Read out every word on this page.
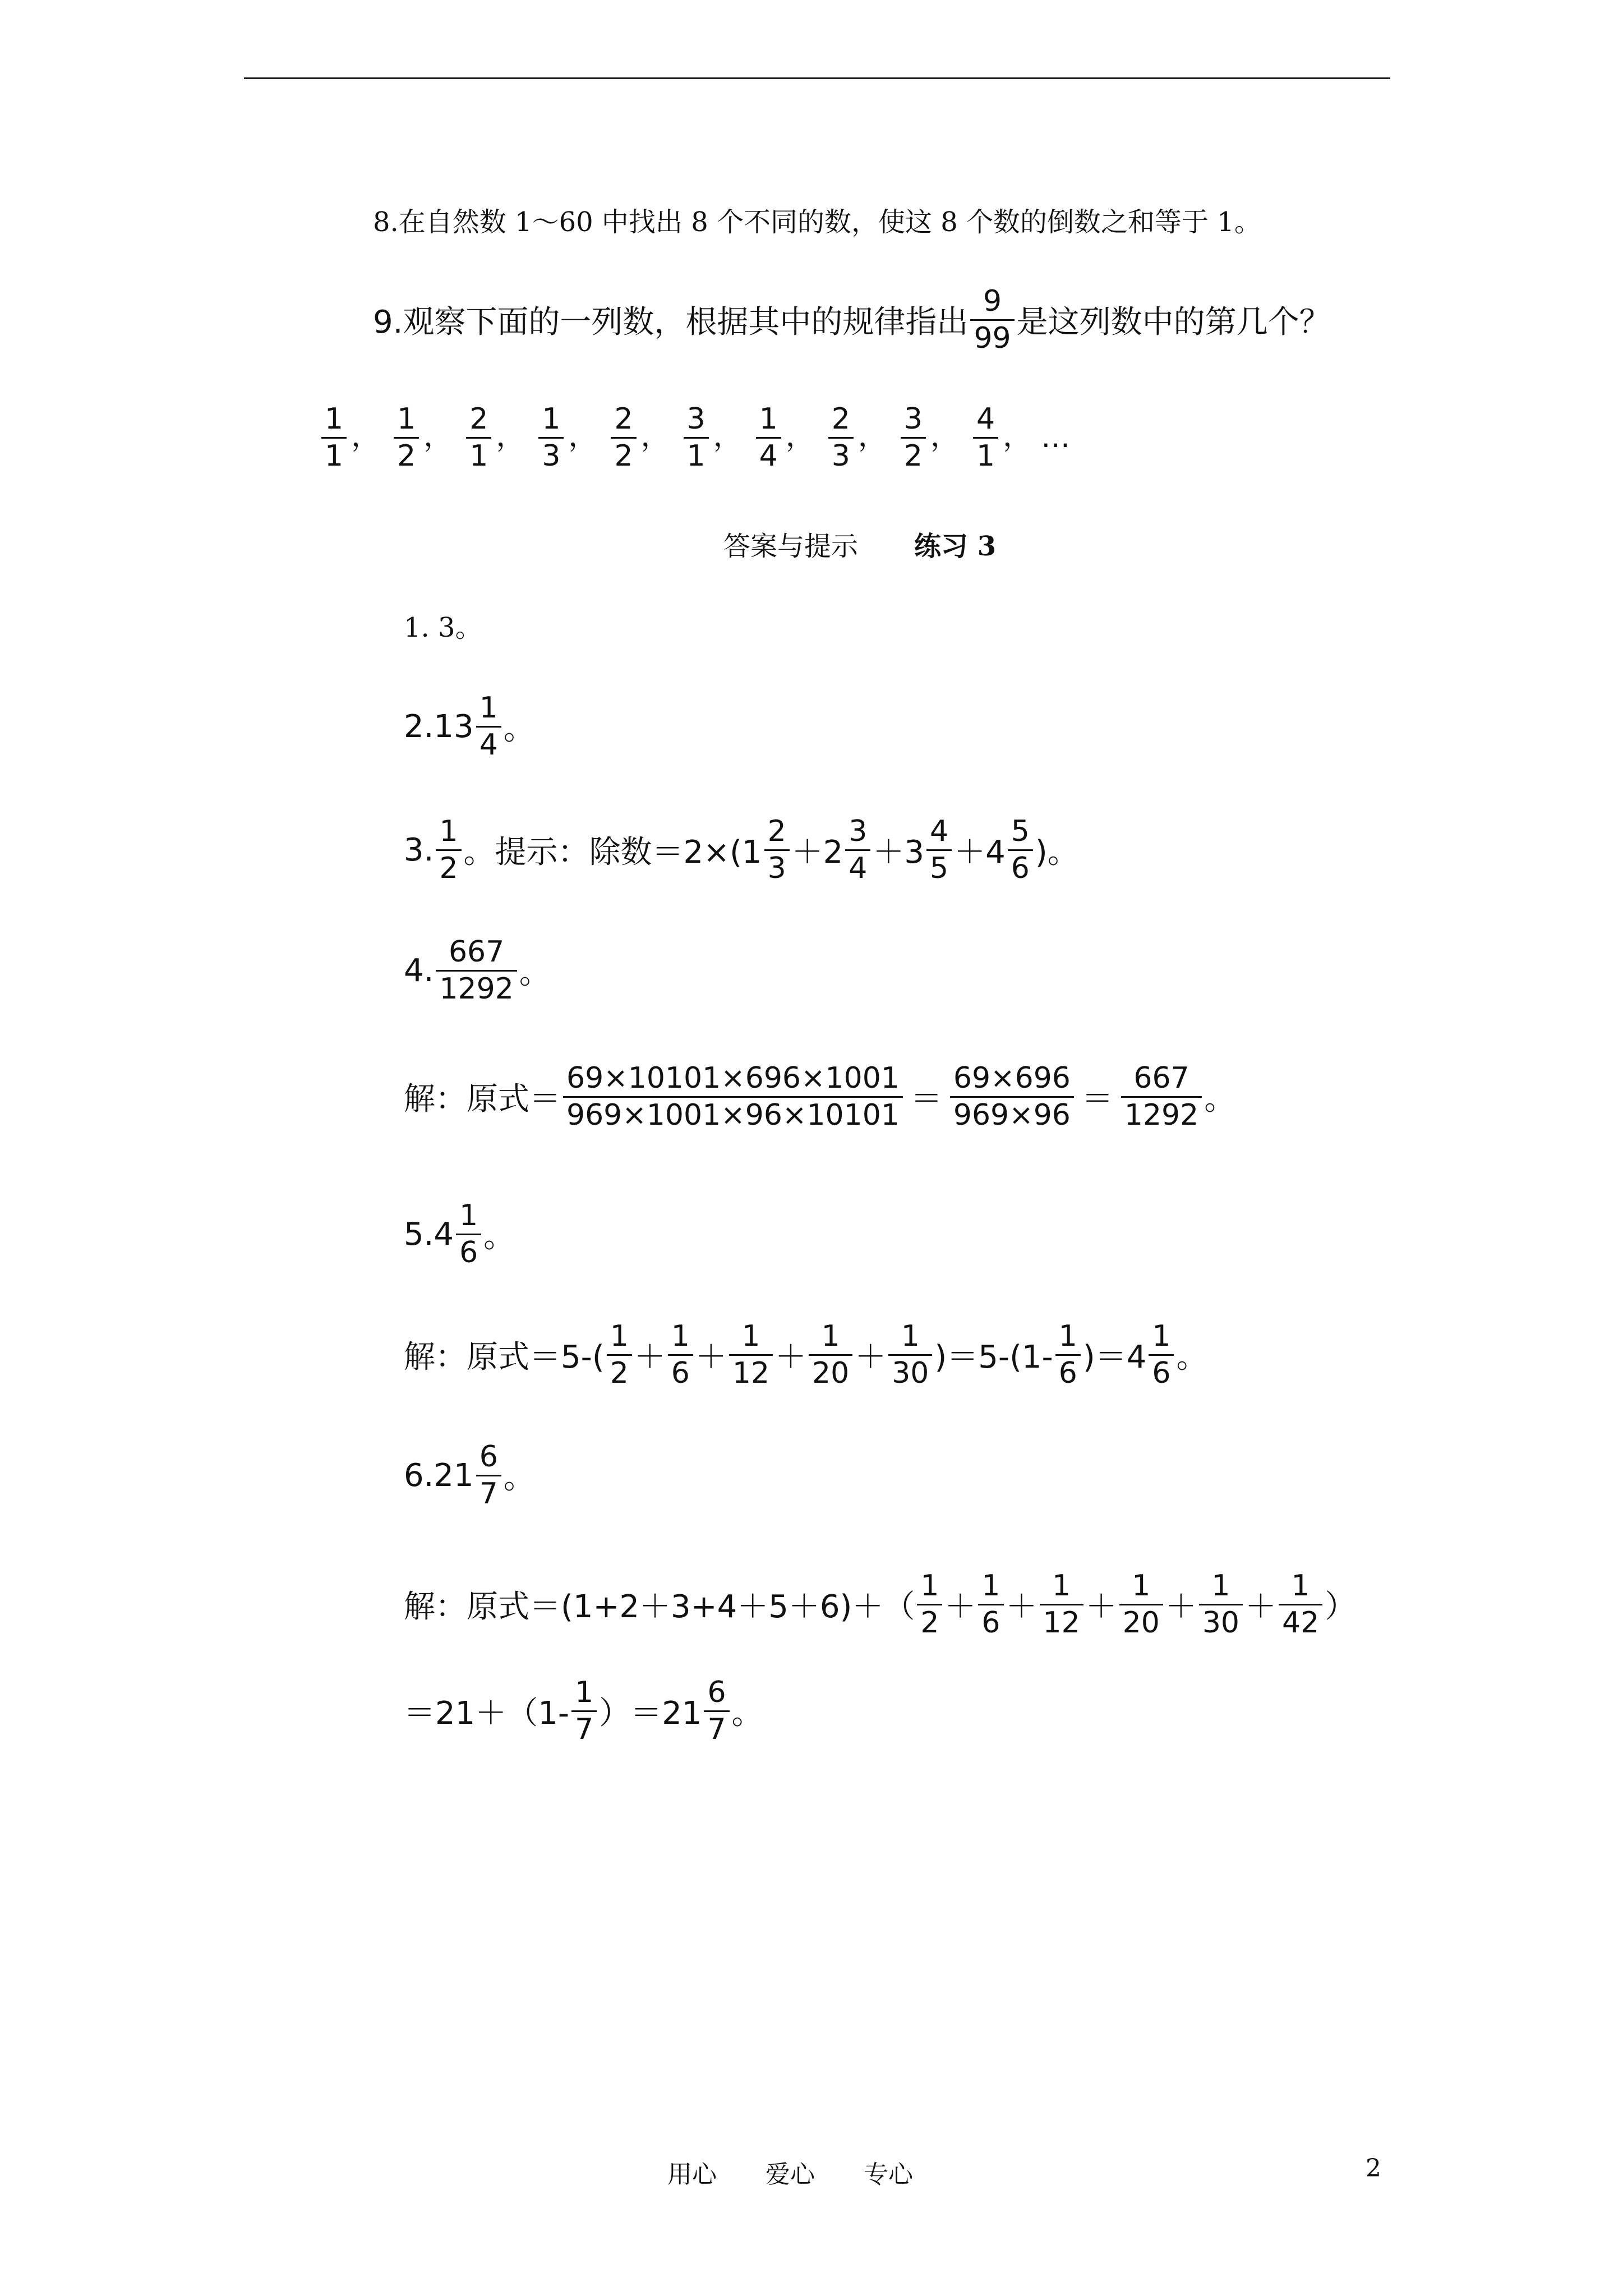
8.在自然数 1～60 中找出 8 个不同的数，使这 8 个数的倒数之和等于 1。
9.观察下面的一列数，根据其中的规律指出 $\frac{9}{99}$ 是这列数中的第几个？
$\frac{1}{1}$ ， $\frac{1}{2}$ ， $\frac{2}{1}$ ， $\frac{1}{3}$ ， $\frac{2}{2}$ ， $\frac{3}{1}$ ， $\frac{1}{4}$ ， $\frac{2}{3}$ ， $\frac{3}{2}$ ， $\frac{4}{1}$ ， …
答案与提示 练习 3
1. 3。
$2.13 \frac{1}{4}$ 。
3. $\frac{1}{2}$ 。提示：除数$=2\times(1 \frac{2}{3} +2 \frac{3}{4} +3 \frac{4}{5} +4 \frac{5}{6}$ )。
4. $\frac{667}{1292}$ 。
解：原式＝ $\frac{69\times 10101\times 696\times 1001}{969\times 1001\times 96\times 10101} = \frac{69\times 696}{969\times 96} = \frac{667}{1292}$ 。
$5.4 \frac{1}{6}$ 。
解：原式$=5-( \frac{1}{2} + \frac{1}{6} + \frac{1}{12} + \frac{1}{20} + \frac{1}{30} )=5-(1- \frac{1}{6} )=4 \frac{1}{6}$ 。
$6.21 \frac{6}{7}$ 。
解：原式$=(1+2+3+4+5+6)+( \frac{1}{2} + \frac{1}{6} + \frac{1}{12} + \frac{1}{20} + \frac{1}{30} + \frac{1}{42}$ ）
$=21+(1- \frac{1}{7} )=21 \frac{6}{7}$ 。
用心 爱心 专心	2
